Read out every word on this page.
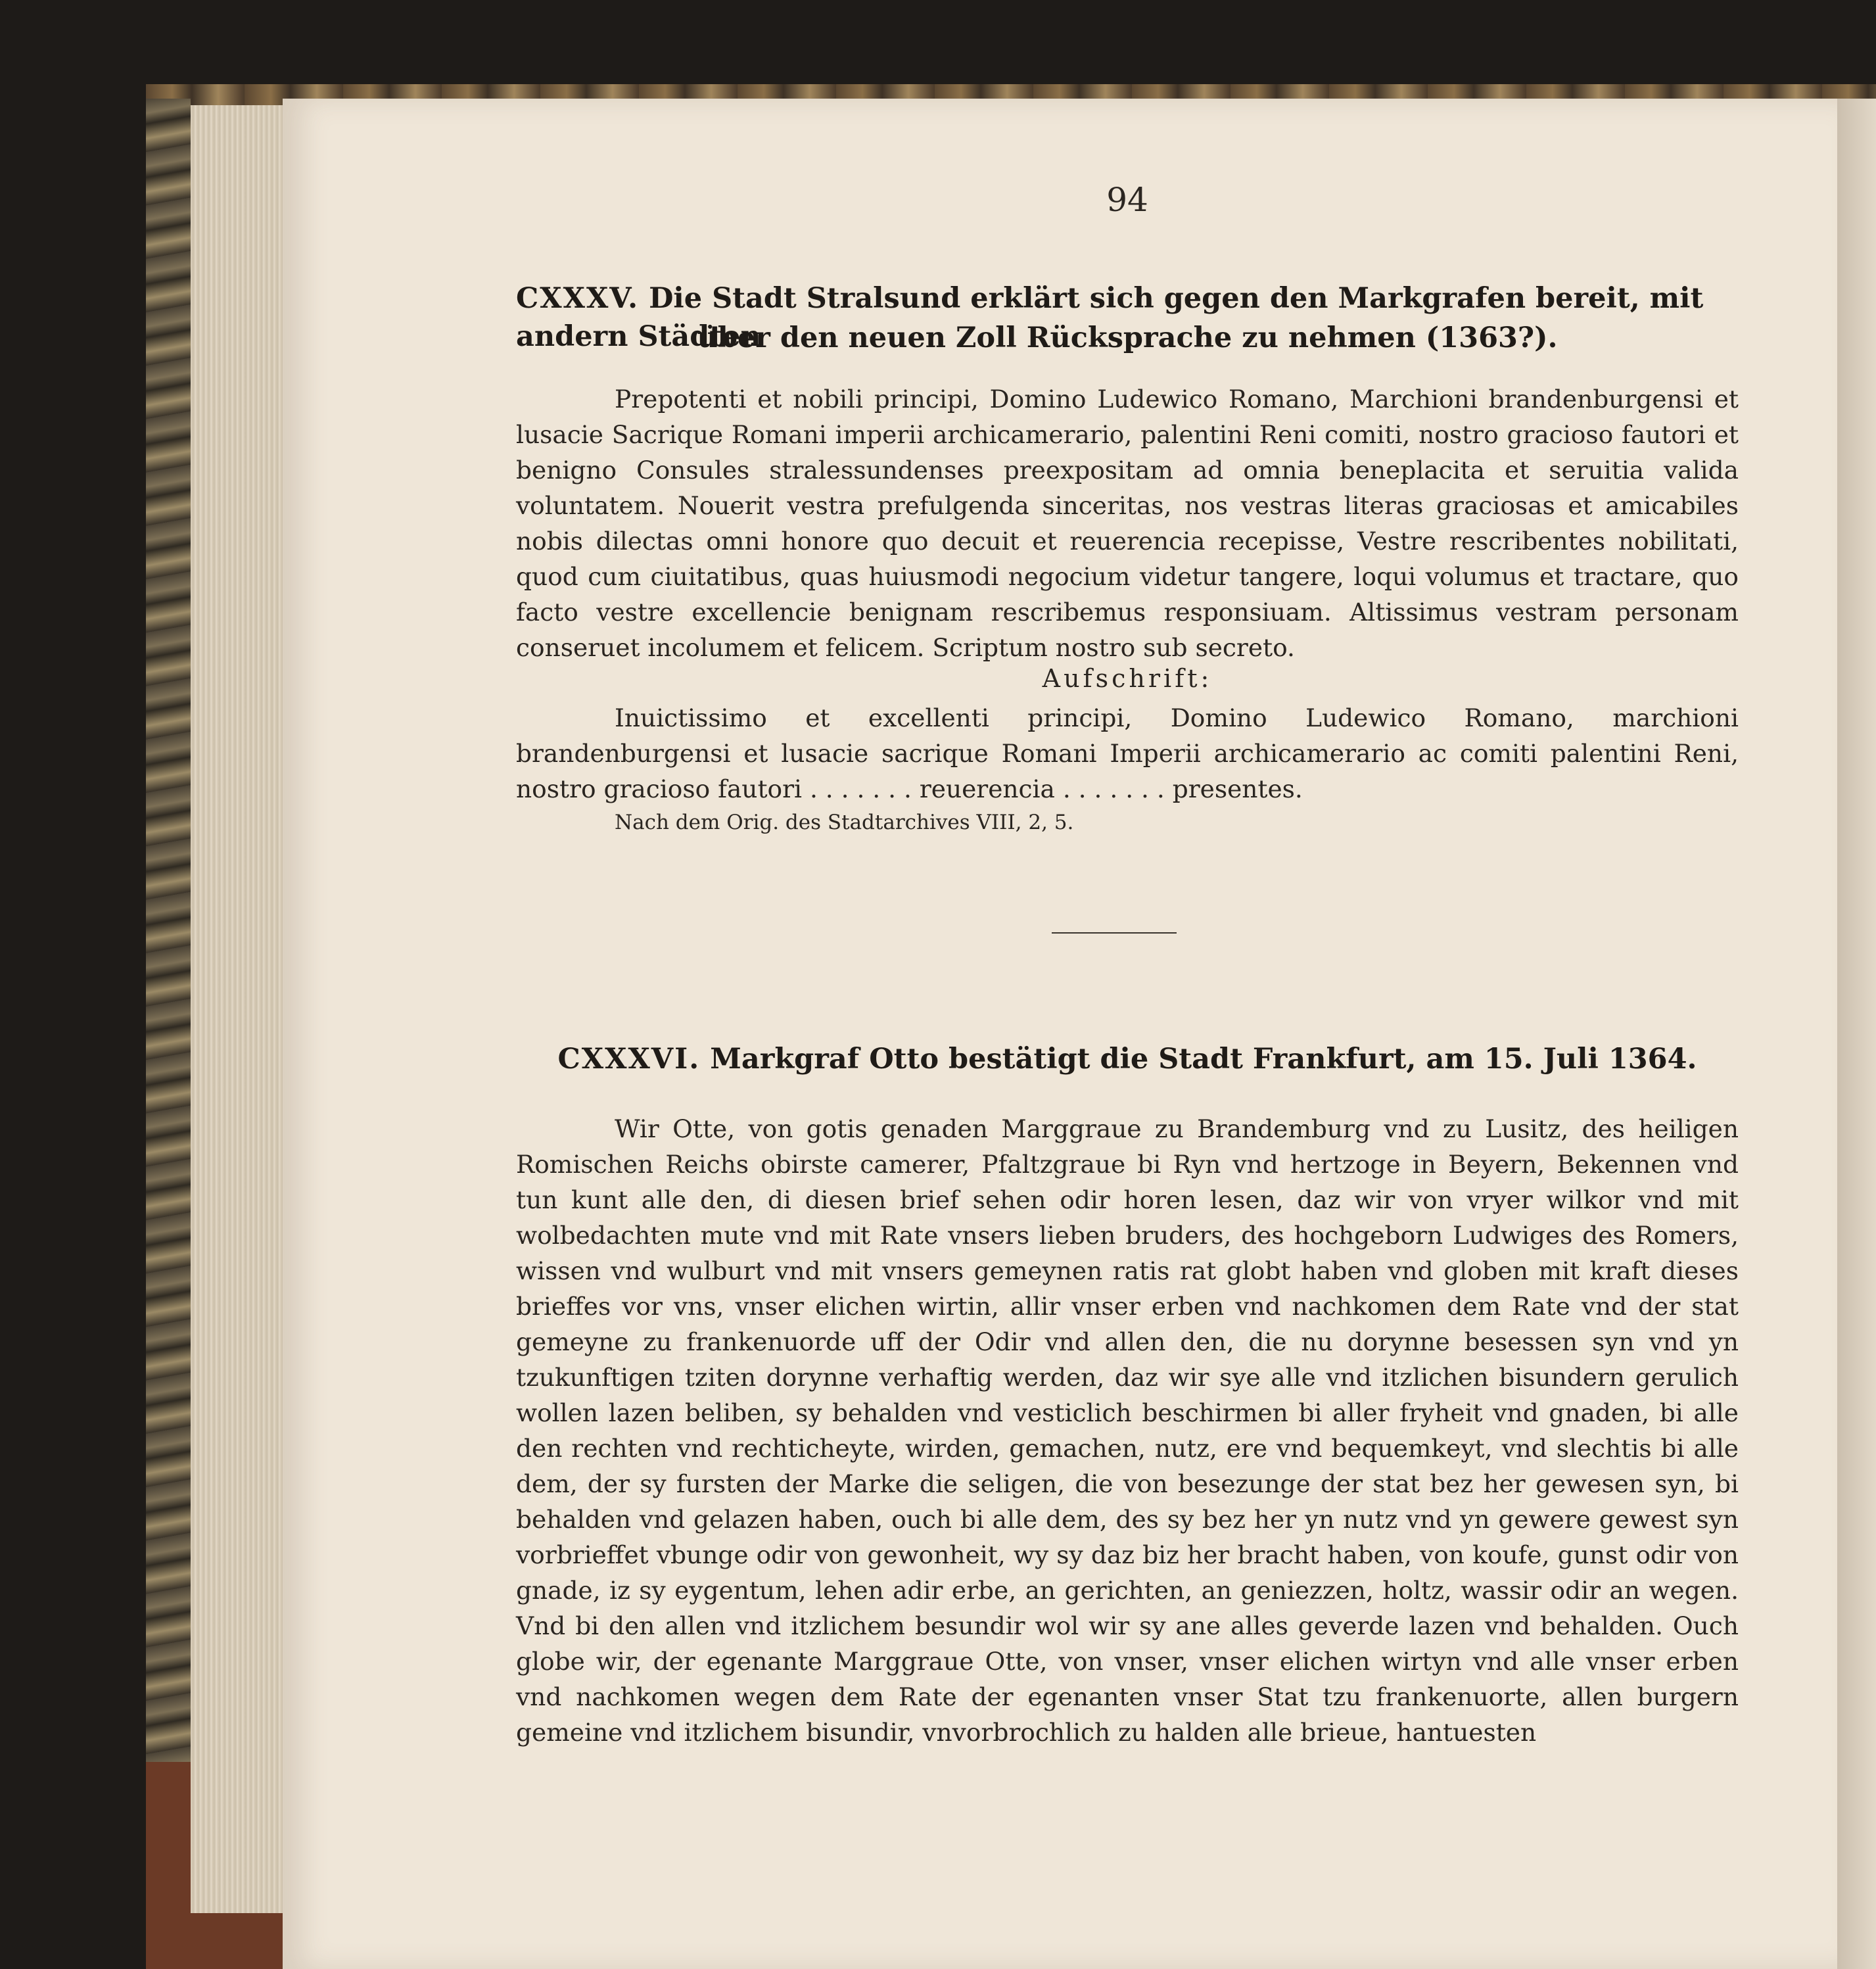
94
CXXXV. Die Stadt Stralsund erklärt sich gegen den Markgrafen bereit, mit andern Städten
über den neuen Zoll Rücksprache zu nehmen (1363?).

Prepotenti et nobili principi, Domino Ludewico Romano, Marchioni brandenburgensi et lusacie Sacrique Romani imperii archicamerario, palentini Reni comiti, nostro gracioso fautori et benigno Consules stralessundenses preexpositam ad omnia beneplacita et seruitia valida voluntatem. Nouerit vestra prefulgenda sinceritas, nos vestras literas graciosas et amicabiles nobis dilectas omni honore quo decuit et reuerencia recepisse, Vestre rescribentes nobilitati, quod cum ciuitatibus, quas huiusmodi negocium videtur tangere, loqui volumus et tractare, quo facto vestre excellencie benignam rescribemus responsiuam. Altissimus vestram personam conseruet incolumem et felicem. Scriptum nostro sub secreto.

Aufschrift:

Inuictissimo et excellenti principi, Domino Ludewico Romano, marchioni brandenburgensi et lusacie sacrique Romani Imperii archicamerario ac comiti palentini Reni, nostro gracioso fautori . . . . . . . reuerencia . . . . . . . presentes.

Nach dem Orig. des Stadtarchives VIII, 2, 5.
CXXXVI. Markgraf Otto bestätigt die Stadt Frankfurt, am 15. Juli 1364.

Wir Otte, von gotis genaden Marggraue zu Brandemburg vnd zu Lusitz, des heiligen Romischen Reichs obirste camerer, Pfaltzgraue bi Ryn vnd hertzoge in Beyern, Bekennen vnd tun kunt alle den, di diesen brief sehen odir horen lesen, daz wir von vryer wilkor vnd mit wolbedachten mute vnd mit Rate vnsers lieben bruders, des hochgeborn Ludwiges des Romers, wissen vnd wulburt vnd mit vnsers gemeynen ratis rat globt haben vnd globen mit kraft dieses brieffes vor vns, vnser elichen wirtin, allir vnser erben vnd nachkomen dem Rate vnd der stat gemeyne zu frankenuorde uff der Odir vnd allen den, die nu dorynne besessen syn vnd yn tzukunftigen tziten dorynne verhaftig werden, daz wir sye alle vnd itzlichen bisundern gerulich wollen lazen beliben, sy behalden vnd vesticlich beschirmen bi aller fryheit vnd gnaden, bi alle den rechten vnd rechticheyte, wirden, gemachen, nutz, ere vnd bequemkeyt, vnd slechtis bi alle dem, der sy fursten der Marke die seligen, die von besezunge der stat bez her gewesen syn, bi behalden vnd gelazen haben, ouch bi alle dem, des sy bez her yn nutz vnd yn gewere gewest syn vorbrieffet vbunge odir von gewonheit, wy sy daz biz her bracht haben, von koufe, gunst odir von gnade, iz sy eygentum, lehen adir erbe, an gerichten, an geniezzen, holtz, wassir odir an wegen. Vnd bi den allen vnd itzlichem besundir wol wir sy ane alles geverde lazen vnd behalden. Ouch globe wir, der egenante Marggraue Otte, von vnser, vnser elichen wirtyn vnd alle vnser erben vnd nachkomen wegen dem Rate der egenanten vnser Stat tzu frankenuorte, allen burgern gemeine vnd itzlichem bisundir, vnvorbrochlich zu halden alle brieue, hantuesten
